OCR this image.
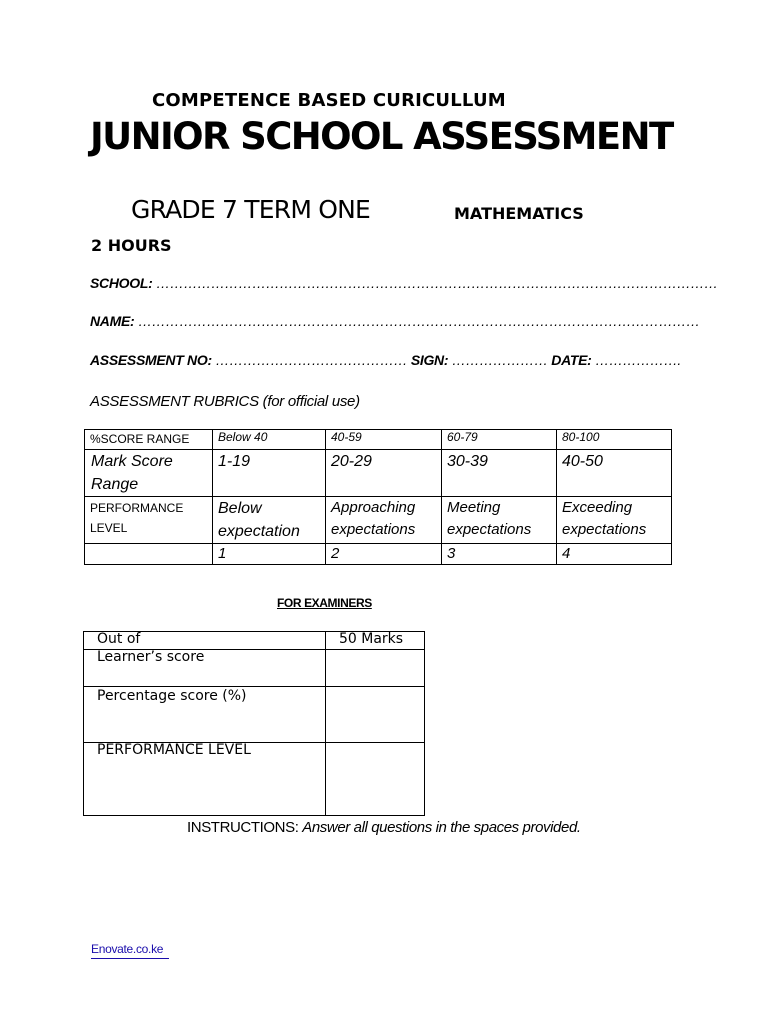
COMPETENCE BASED CURICULLUM
JUNIOR SCHOOL ASSESSMENT
GRADE 7 TERM ONE	MATHEMATICS
2 HOURS
SCHOOL: ……………………………………………………………………………………………………………
NAME: ……………………………………………………………………………………………………………
ASSESSMENT NO: …………………………………… SIGN: ………………… DATE: ……………….
ASSESSMENT RUBRICS (for official use)
%SCORE RANGE	Below 40	40-59	60-79	80-100
Mark Score Range	1-19	20-29	30-39	40-50
PERFORMANCE LEVEL	Below expectation	Approaching expectations	Meeting expectations	Exceeding expectations
	1	2	3	4
FOR EXAMINERS
Out of	50 Marks
Learner’s score	
Percentage score (%)	
PERFORMANCE LEVEL	
INSTRUCTIONS: Answer all questions in the spaces provided.
Enovate.co.ke
